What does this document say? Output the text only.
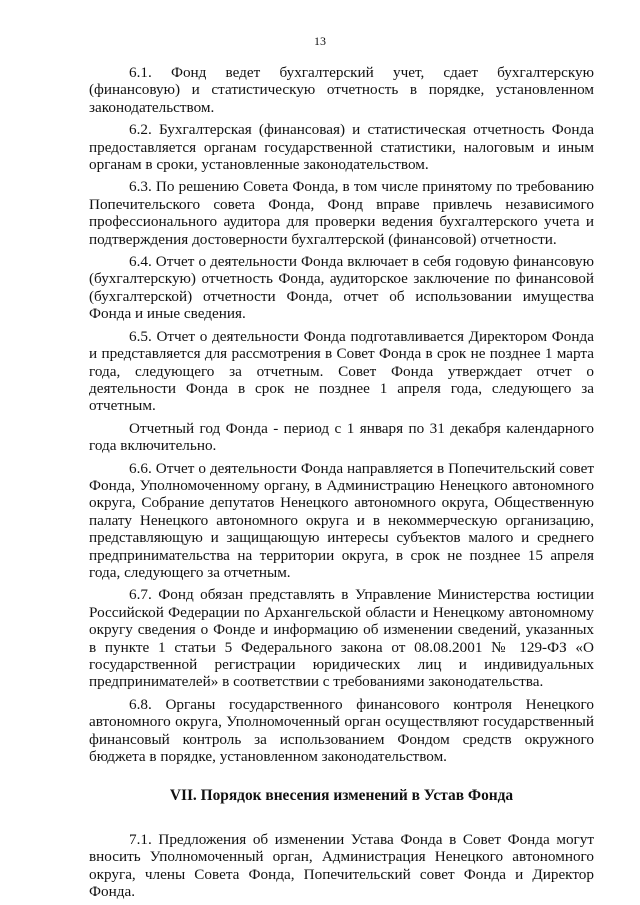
13

6.1. Фонд ведет бухгалтерский учет, сдает бухгалтерскую (финансовую) и статистическую отчетность в порядке, установленном законодательством.

6.2. Бухгалтерская (финансовая) и статистическая отчетность Фонда предоставляется органам государственной статистики, налоговым и иным органам в сроки, установленные законодательством.

6.3. По решению Совета Фонда, в том числе принятому по требованию Попечительского совета Фонда, Фонд вправе привлечь независимого профессионального аудитора для проверки ведения бухгалтерского учета и подтверждения достоверности бухгалтерской (финансовой) отчетности.

6.4. Отчет о деятельности Фонда включает в себя годовую финансовую (бухгалтерскую) отчетность Фонда, аудиторское заключение по финансовой (бухгалтерской) отчетности Фонда, отчет об использовании имущества Фонда и иные сведения.

6.5. Отчет о деятельности Фонда подготавливается Директором Фонда и представляется для рассмотрения в Совет Фонда в срок не позднее 1 марта года, следующего за отчетным. Совет Фонда утверждает отчет о деятельности Фонда в срок не позднее 1 апреля года, следующего за отчетным.

Отчетный год Фонда - период с 1 января по 31 декабря календарного года включительно.

6.6. Отчет о деятельности Фонда направляется в Попечительский совет Фонда, Уполномоченному органу, в Администрацию Ненецкого автономного округа, Собрание депутатов Ненецкого автономного округа, Общественную палату Ненецкого автономного округа и в некоммерческую организацию, представляющую и защищающую интересы субъектов малого и среднего предпринимательства на территории округа, в срок не позднее 15 апреля года, следующего за отчетным.

6.7. Фонд обязан представлять в Управление Министерства юстиции Российской Федерации по Архангельской области и Ненецкому автономному округу сведения о Фонде и информацию об изменении сведений, указанных в пункте 1 статьи 5 Федерального закона от 08.08.2001 № 129-ФЗ «О государственной регистрации юридических лиц и индивидуальных предпринимателей» в соответствии с требованиями законодательства.

6.8. Органы государственного финансового контроля Ненецкого автономного округа, Уполномоченный орган осуществляют государственный финансовый контроль за использованием Фондом средств окружного бюджета в порядке, установленном законодательством.

VII. Порядок внесения изменений в Устав Фонда

7.1. Предложения об изменении Устава Фонда в Совет Фонда могут вносить Уполномоченный орган, Администрация Ненецкого автономного округа, члены Совета Фонда, Попечительский совет Фонда и Директор Фонда.
